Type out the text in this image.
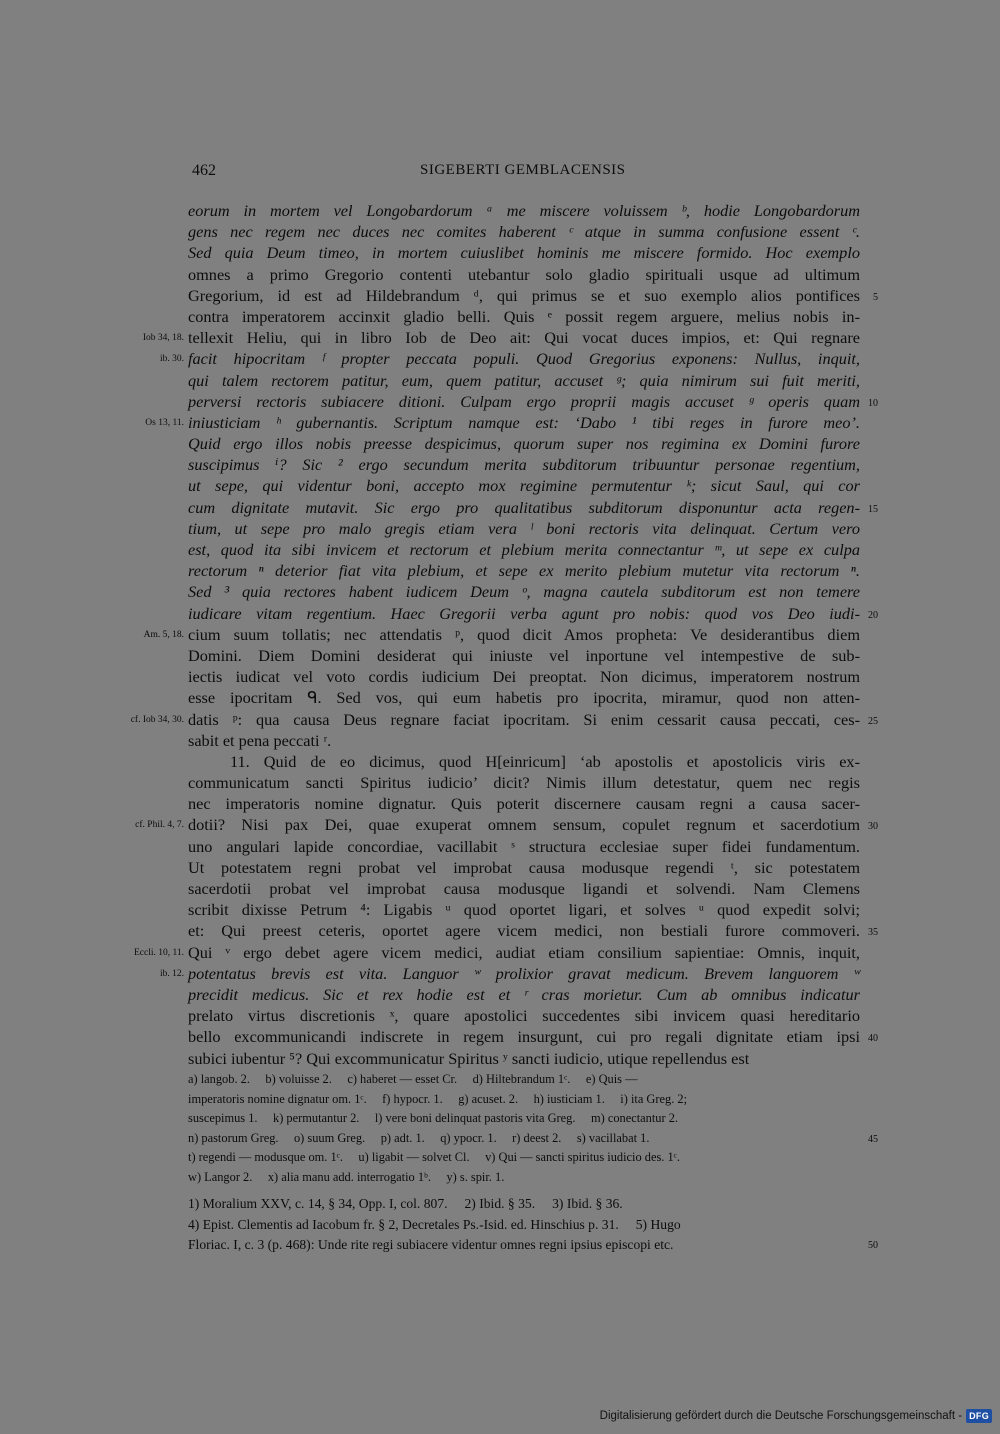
462	SIGEBERTI GEMBLACENSIS
eorum in mortem vel Longobardorum ᵃ me miscere voluissem ᵇ, hodie Longobardorum
gens nec regem nec duces nec comites haberent ᶜ atque in summa confusione essent ᶜ.
Sed quia Deum timeo, in mortem cuiuslibet hominis me miscere formido. Hoc exemplo
omnes a primo Gregorio contenti utebantur solo gladio spirituali usque ad ultimum
Gregorium, id est ad Hildebrandum ᵈ, qui primus se et suo exemplo alios pontifices	5
contra imperatorem accinxit gladio belli. Quis ᵉ possit regem arguere, melius nobis in-
Iob 34, 18. tellexit Heliu, qui in libro Iob de Deo ait: Qui vocat duces impios, et: Qui regnare
ib. 30. facit hipocritam ᶠ propter peccata populi. Quod Gregorius exponens: Nullus, inquit,
qui talem rectorem patitur, eum, quem patitur, accuset ᵍ; quia nimirum sui fuit meriti,
perversi rectoris subiacere ditioni. Culpam ergo proprii magis accuset ᵍ operis quam 10
Os 13, 11. iniusticiam ʰ gubernantis. Scriptum namque est: ‘Dabo ¹ tibi reges in furore meo’.
Quid ergo illos nobis preesse despicimus, quorum super nos regimina ex Domini furore
suscipimus ⁱ? Sic ² ergo secundum merita subditorum tribuuntur personae regentium,
ut sepe, qui videntur boni, accepto mox regimine permutentur ᵏ; sicut Saul, qui cor
cum dignitate mutavit. Sic ergo pro qualitatibus subditorum disponuntur acta regen- 15
tium, ut sepe pro malo gregis etiam vera ˡ boni rectoris vita delinquat. Certum vero
est, quod ita sibi invicem et rectorum et plebium merita connectantur ᵐ, ut sepe ex culpa
rectorum ⁿ deterior fiat vita plebium, et sepe ex merito plebium mutetur vita rectorum ⁿ.
Sed ³ quia rectores habent iudicem Deum ᵒ, magna cautela subditorum est non temere
iudicare vitam regentium. Haec Gregorii verba agunt pro nobis: quod vos Deo iudi- 20
Am. 5, 18. cium suum tollatis; nec attendatis ᵖ, quod dicit Amos propheta: Ve desiderantibus diem
Domini. Diem Domini desiderat qui iniuste vel inportune vel intempestive de sub-
iectis iudicat vel voto cordis iudicium Dei preoptat. Non dicimus, imperatorem nostrum
esse ipocritam ᑫ. Sed vos, qui eum habetis pro ipocrita, miramur, quod non atten-
cf. Iob 34, 30. datis ᵖ: qua causa Deus regnare faciat ipocritam. Si enim cessarit causa peccati, ces- 25
sabit et pena peccati ʳ.
11. Quid de eo dicimus, quod H[einricum] ‘ab apostolis et apostolicis viris ex-
communicatum sancti Spiritus iudicio’ dicit? Nimis illum detestatur, quem nec regis
nec imperatoris nomine dignatur. Quis poterit discernere causam regni a causa sacer-
cf. Phil. 4, 7. dotii? Nisi pax Dei, quae exuperat omnem sensum, copulet regnum et sacerdotium 30
uno angulari lapide concordiae, vacillabit ˢ structura ecclesiae super fidei fundamentum.
Ut potestatem regni probat vel improbat causa modusque regendi ᵗ, sic potestatem
sacerdotii probat vel improbat causa modusque ligandi et solvendi. Nam Clemens
scribit dixisse Petrum ⁴: Ligabis ᵘ quod oportet ligari, et solves ᵘ quod expedit solvi;
et: Qui preest ceteris, oportet agere vicem medici, non bestiali furore commoveri. 35
Eccli. 10, 11. Qui ᵛ ergo debet agere vicem medici, audiat etiam consilium sapientiae: Omnis, inquit,
ib. 12. potentatus brevis est vita. Languor ʷ prolixior gravat medicum. Brevem languorem ʷ
precidit medicus. Sic et rex hodie est et ʳ cras morietur. Cum ab omnibus indicatur
prelato virtus discretionis ˣ, quare apostolici succedentes sibi invicem quasi hereditario
bello excommunicandi indiscrete in regem insurgunt, cui pro regali dignitate etiam ipsi 40
subici iubentur ⁵? Qui excommunicatur Spiritus ʸ sancti iudicio, utique repellendus est
a) langob. 2.     b) voluisse 2.     c) haberet — esset Cr.     d) Hiltebrandum 1ᶜ.     e) Quis —
imperatoris nomine dignatur om. 1ᶜ.     f) hypocr. 1.     g) acuset. 2.     h) iusticiam 1.     i) ita Greg. 2;
suscepimus 1.     k) permutantur 2.     l) vere boni delinquat pastoris vita Greg.     m) conectantur 2.
n) pastorum Greg.     o) suum Greg.     p) adt. 1.     q) ypocr. 1.     r) deest 2.     s) vacillabat 1.	45
t) regendi — modusque om. 1ᶜ.     u) ligabit — solvet Cl.     v) Qui — sancti spiritus iudicio des. 1ᶜ.
w) Langor 2.     x) alia manu add. interrogatio 1ᵇ.     y) s. spir. 1.
1) Moralium XXV, c. 14, § 34, Opp. I, col. 807.     2) Ibid. § 35.     3) Ibid. § 36.
4) Epist. Clementis ad Iacobum fr. § 2, Decretales Ps.-Isid. ed. Hinschius p. 31.     5) Hugo
Floriac. I, c. 3 (p. 468): Unde rite regi subiacere videntur omnes regni ipsius episcopi etc.	50
Digitalisierung gefördert durch die Deutsche Forschungsgemeinschaft - DFG
